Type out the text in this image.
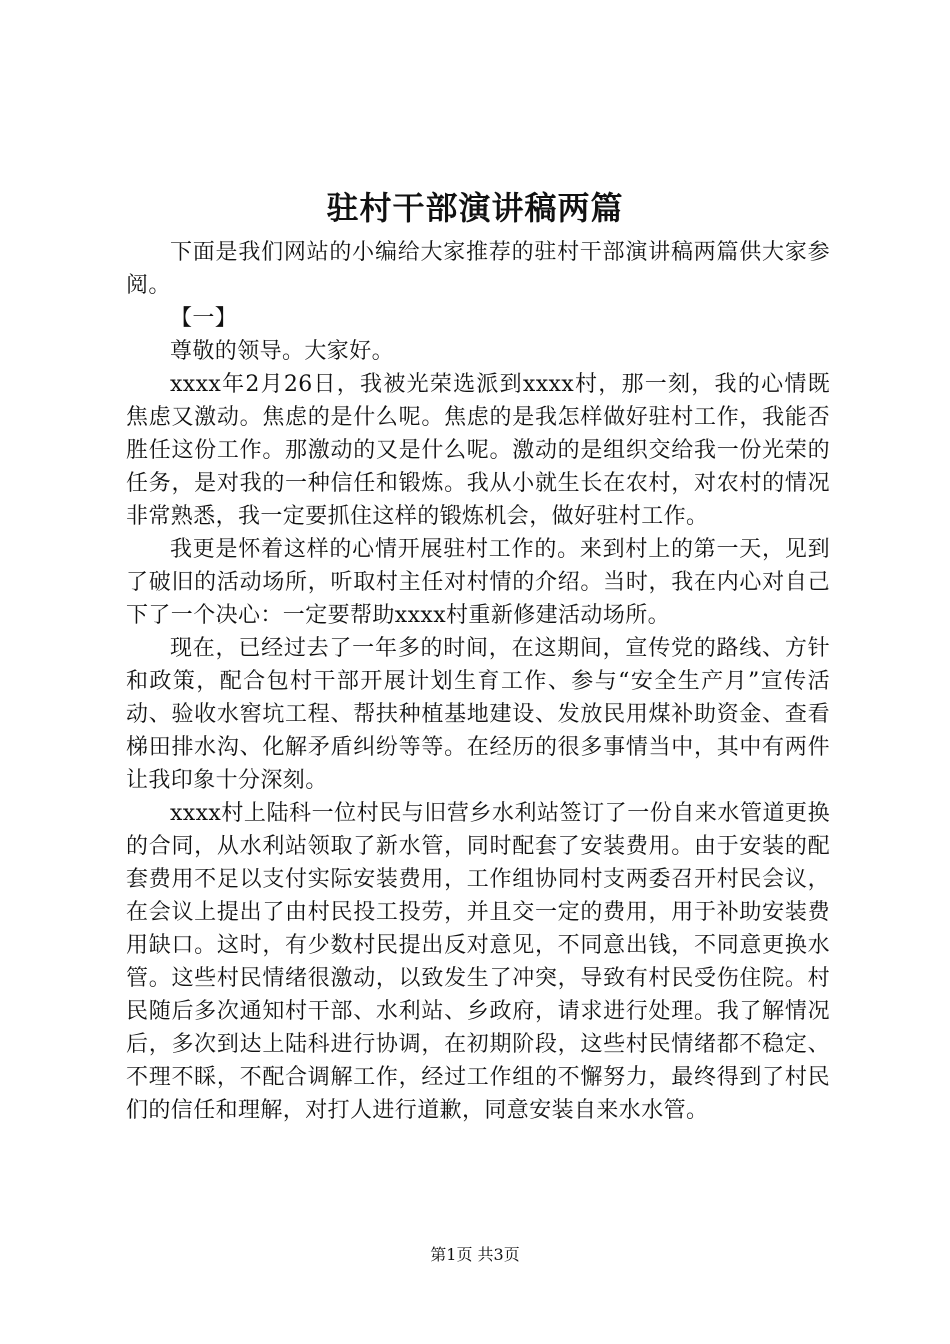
驻村干部演讲稿两篇

下面是我们网站的小编给大家推荐的驻村干部演讲稿两篇供大家参阅。

【一】

尊敬的领导。大家好。

xxxx年2月26日，我被光荣选派到xxxx村，那一刻，我的心情既焦虑又激动。焦虑的是什么呢。焦虑的是我怎样做好驻村工作，我能否胜任这份工作。那激动的又是什么呢。激动的是组织交给我一份光荣的任务，是对我的一种信任和锻炼。我从小就生长在农村，对农村的情况非常熟悉，我一定要抓住这样的锻炼机会，做好驻村工作。

我更是怀着这样的心情开展驻村工作的。来到村上的第一天，见到了破旧的活动场所，听取村主任对村情的介绍。当时，我在内心对自己下了一个决心：一定要帮助xxxx村重新修建活动场所。

现在，已经过去了一年多的时间，在这期间，宣传党的路线、方针和政策，配合包村干部开展计划生育工作、参与“安全生产月”宣传活动、验收水窖坑工程、帮扶种植基地建设、发放民用煤补助资金、查看梯田排水沟、化解矛盾纠纷等等。在经历的很多事情当中，其中有两件让我印象十分深刻。

xxxx村上陆科一位村民与旧营乡水利站签订了一份自来水管道更换的合同，从水利站领取了新水管，同时配套了安装费用。由于安装的配套费用不足以支付实际安装费用，工作组协同村支两委召开村民会议，在会议上提出了由村民投工投劳，并且交一定的费用，用于补助安装费用缺口。这时，有少数村民提出反对意见，不同意出钱，不同意更换水管。这些村民情绪很激动，以致发生了冲突，导致有村民受伤住院。村民随后多次通知村干部、水利站、乡政府，请求进行处理。我了解情况后，多次到达上陆科进行协调，在初期阶段，这些村民情绪都不稳定、不理不睬，不配合调解工作，经过工作组的不懈努力，最终得到了村民们的信任和理解，对打人进行道歉，同意安装自来水水管。

第1页 共3页
